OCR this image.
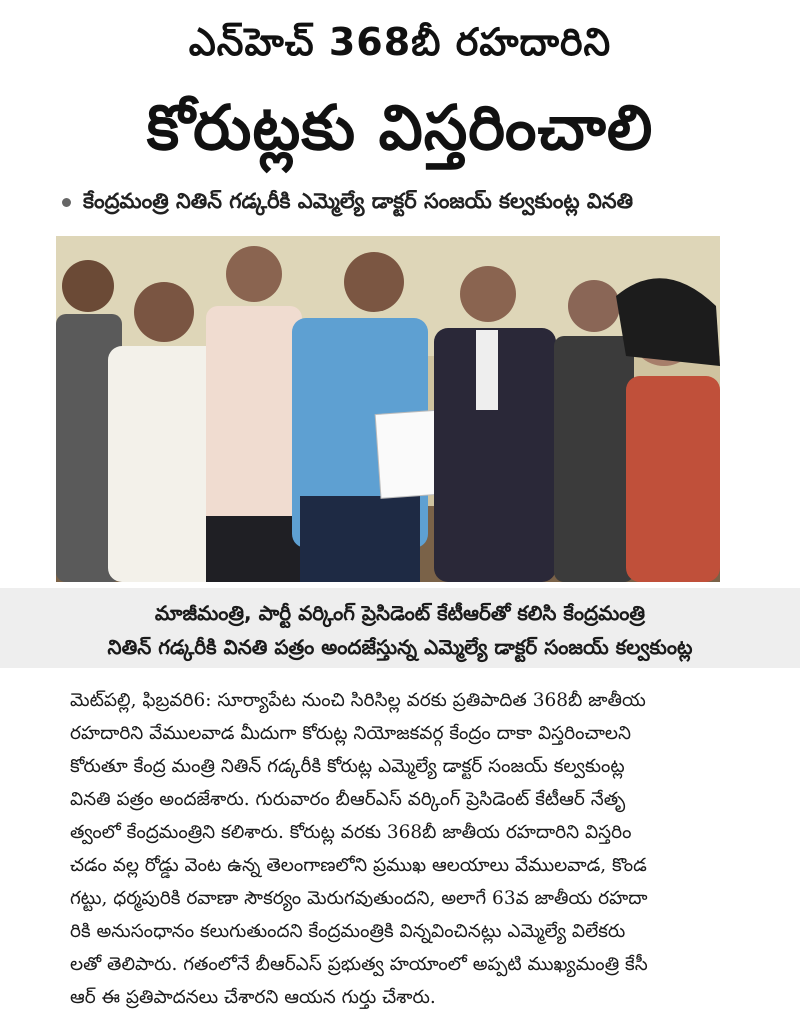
ఎన్‌హెచ్‌ 368బీ రహదారిని
కోరుట్లకు విస్తరించాలి
కేంద్రమంత్రి నితిన్‌ గడ్కరీకి ఎమ్మెల్యే డాక్టర్‌ సంజయ్‌ కల్వకుంట్ల వినతి
మాజీమంత్రి, పార్టీ వర్కింగ్‌ ప్రెసిడెంట్‌ కేటీఆర్‌తో కలిసి కేంద్రమంత్రి
నితిన్‌ గడ్కరీకి వినతి పత్రం అందజేస్తున్న ఎమ్మెల్యే డాక్టర్‌ సంజయ్‌ కల్వకుంట్ల
మెట్‌పల్లి, ఫిబ్రవరి6: సూర్యాపేట నుంచి సిరిసిల్ల వరకు ప్రతిపాదిత 368బీ జాతీయ
రహదారిని వేములవాడ మీదుగా కోరుట్ల నియోజకవర్గ కేంద్రం దాకా విస్తరించాలని
కోరుతూ కేంద్ర మంత్రి నితిన్‌ గడ్కరీకి కోరుట్ల ఎమ్మెల్యే డాక్టర్‌ సంజయ్‌ కల్వకుంట్ల
వినతి పత్రం అందజేశారు. గురువారం బీఆర్‌ఎస్‌ వర్కింగ్‌ ప్రెసిడెంట్‌ కేటీఆర్‌ నేతృ
త్వంలో కేంద్రమంత్రిని కలిశారు. కోరుట్ల వరకు 368బీ జాతీయ రహదారిని విస్తరిం
చడం వల్ల రోడ్డు వెంట ఉన్న తెలంగాణలోని ప్రముఖ ఆలయాలు వేములవాడ, కొండ
గట్టు, ధర్మపురికి రవాణా సౌకర్యం మెరుగవుతుందని, అలాగే 63వ జాతీయ రహదా
రికి అనుసంధానం కలుగుతుందని కేంద్రమంత్రికి విన్నవించినట్లు ఎమ్మెల్యే విలేకరు
లతో తెలిపారు. గతంలోనే బీఆర్‌ఎస్‌ ప్రభుత్వ హయాంలో అప్పటి ముఖ్యమంత్రి కేసీ
ఆర్‌ ఈ ప్రతిపాదనలు చేశారని ఆయన గుర్తు చేశారు.
